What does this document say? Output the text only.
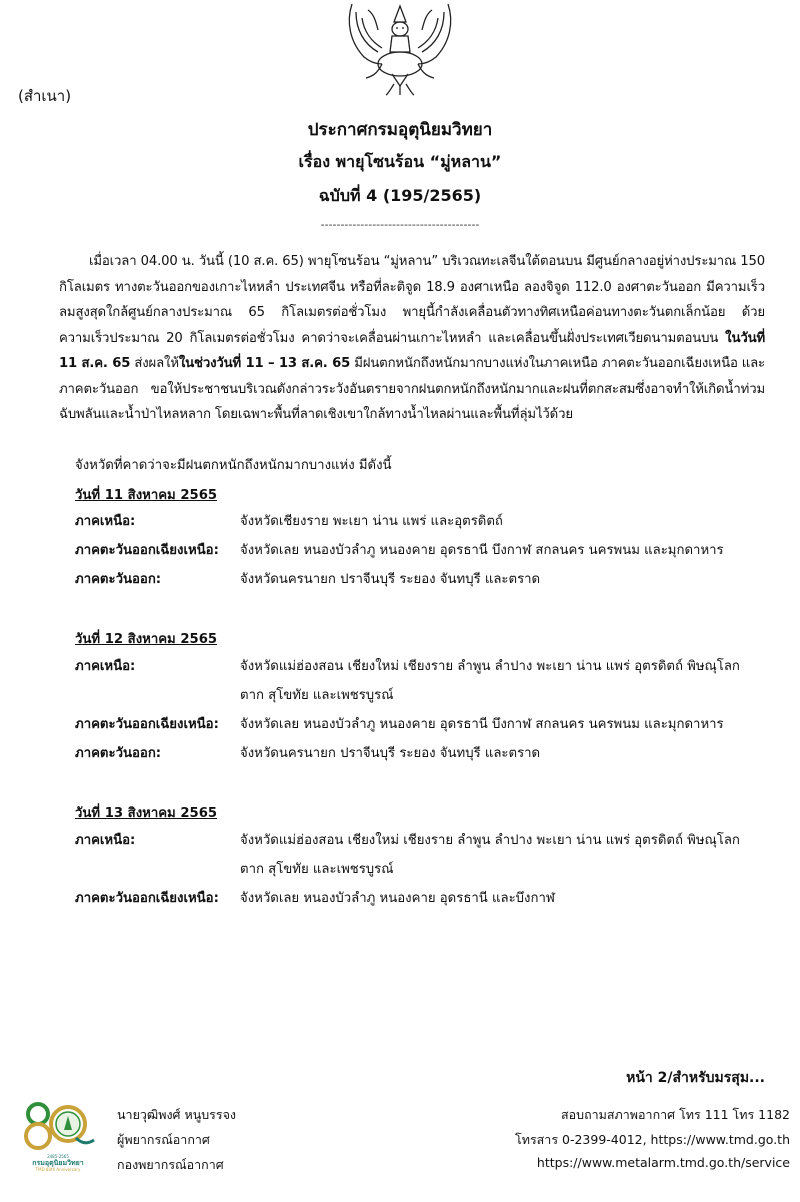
(สำเนา)
ประกาศกรมอุตุนิยมวิทยา
เรื่อง พายุโซนร้อน “มู่หลาน”
ฉบับที่ 4 (195/2565)
----------------------------------------
เมื่อเวลา 04.00 น. วันนี้ (10 ส.ค. 65) พายุโซนร้อน “มู่หลาน” บริเวณทะเลจีนใต้ตอนบน มีศูนย์กลางอยู่ห่างประมาณ 150 กิโลเมตร ทางตะวันออกของเกาะไหหลำ ประเทศจีน หรือที่ละติจูด 18.9 องศาเหนือ ลองจิจูด 112.0 องศาตะวันออก มีความเร็วลมสูงสุดใกล้ศูนย์กลางประมาณ 65 กิโลเมตรต่อชั่วโมง พายุนี้กำลังเคลื่อนตัวทางทิศเหนือค่อนทางตะวันตกเล็กน้อย ด้วยความเร็วประมาณ 20 กิโลเมตรต่อชั่วโมง คาดว่าจะเคลื่อนผ่านเกาะไหหลำ และเคลื่อนขึ้นฝั่งประเทศเวียดนามตอนบน ในวันที่ 11 ส.ค. 65 ส่งผลให้ในช่วงวันที่ 11 – 13 ส.ค. 65 มีฝนตกหนักถึงหนักมากบางแห่งในภาคเหนือ ภาคตะวันออกเฉียงเหนือ และภาคตะวันออก ขอให้ประชาชนบริเวณดังกล่าวระวังอันตรายจากฝนตกหนักถึงหนักมากและฝนที่ตกสะสมซึ่งอาจทำให้เกิดน้ำท่วมฉับพลันและน้ำป่าไหลหลาก โดยเฉพาะพื้นที่ลาดเชิงเขาใกล้ทางน้ำไหลผ่านและพื้นที่ลุ่มไว้ด้วย
จังหวัดที่คาดว่าจะมีฝนตกหนักถึงหนักมากบางแห่ง มีดังนี้
วันที่ 11 สิงหาคม 2565
ภาคเหนือ:	จังหวัดเชียงราย พะเยา น่าน แพร่ และอุตรดิตถ์
ภาคตะวันออกเฉียงเหนือ:	จังหวัดเลย หนองบัวลำภู หนองคาย อุดรธานี บึงกาฬ สกลนคร นครพนม และมุกดาหาร
ภาคตะวันออก:	จังหวัดนครนายก ปราจีนบุรี ระยอง จันทบุรี และตราด
วันที่ 12 สิงหาคม 2565
ภาคเหนือ:	จังหวัดแม่ฮ่องสอน เชียงใหม่ เชียงราย ลำพูน ลำปาง พะเยา น่าน แพร่ อุตรดิตถ์ พิษณุโลก ตาก สุโขทัย และเพชรบูรณ์
ภาคตะวันออกเฉียงเหนือ:	จังหวัดเลย หนองบัวลำภู หนองคาย อุดรธานี บึงกาฬ สกลนคร นครพนม และมุกดาหาร
ภาคตะวันออก:	จังหวัดนครนายก ปราจีนบุรี ระยอง จันทบุรี และตราด
วันที่ 13 สิงหาคม 2565
ภาคเหนือ:	จังหวัดแม่ฮ่องสอน เชียงใหม่ เชียงราย ลำพูน ลำปาง พะเยา น่าน แพร่ อุตรดิตถ์ พิษณุโลก ตาก สุโขทัย และเพชรบูรณ์
ภาคตะวันออกเฉียงเหนือ:	จังหวัดเลย หนองบัวลำภู หนองคาย อุดรธานี และบึงกาฬ
หน้า 2/สำหรับมรสุม...
2485-2565
กรมอุตุนิยมวิทยา
TMD 80th Anniversary
นายวุฒิพงศ์ หนูบรรจง
ผู้พยากรณ์อากาศ
กองพยากรณ์อากาศ
สอบถามสภาพอากาศ โทร 111 โทร 1182
โทรสาร 0-2399-4012, https://www.tmd.go.th
https://www.metalarm.tmd.go.th/service
